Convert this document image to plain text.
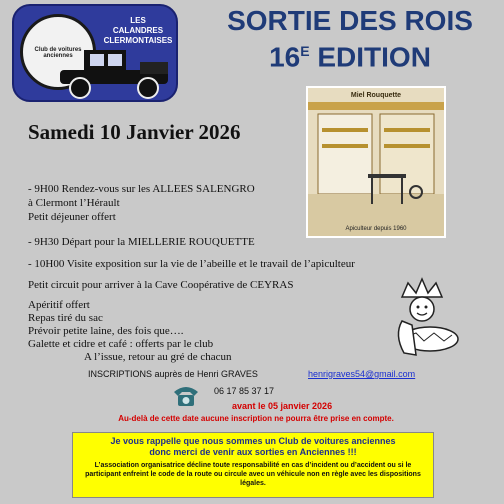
Club de voitures anciennes
LES
CALANDRES
CLERMONTAISES
SORTIE DES ROIS
$16^E$ EDITION
Miel Rouquette
Apiculteur depuis 1960
Samedi 10 Janvier 2026
- 9H00 Rendez-vous sur les ALLEES SALENGRO
à Clermont l’Hérault
Petit déjeuner offert
- 9H30 Départ pour la MIELLERIE ROUQUETTE
- 10H00 Visite exposition sur la vie de l’abeille et le travail de l’apiculteur
Petit circuit pour arriver à la Cave Coopérative de CEYRAS
Apéritif offert
Repas tiré du sac
Prévoir petite laine, des fois que….
Galette et cidre et café : offerts par le club
A l’issue, retour au gré de chacun
INSCRIPTIONS auprès de Henri GRAVES	henrigraves54@gmail.com
06 17 85 37 17
avant le 05 janvier 2026
Au-delà de cette date aucune inscription ne pourra être prise en compte.
Je vous rappelle que nous sommes un Club de voitures anciennes
donc merci de venir aux sorties en Anciennes !!!
L’association organisatrice décline toute responsabilité en cas d’incident ou d’accident ou si le participant enfreint le code de la route ou circule avec un véhicule non en règle avec les dispositions légales.
